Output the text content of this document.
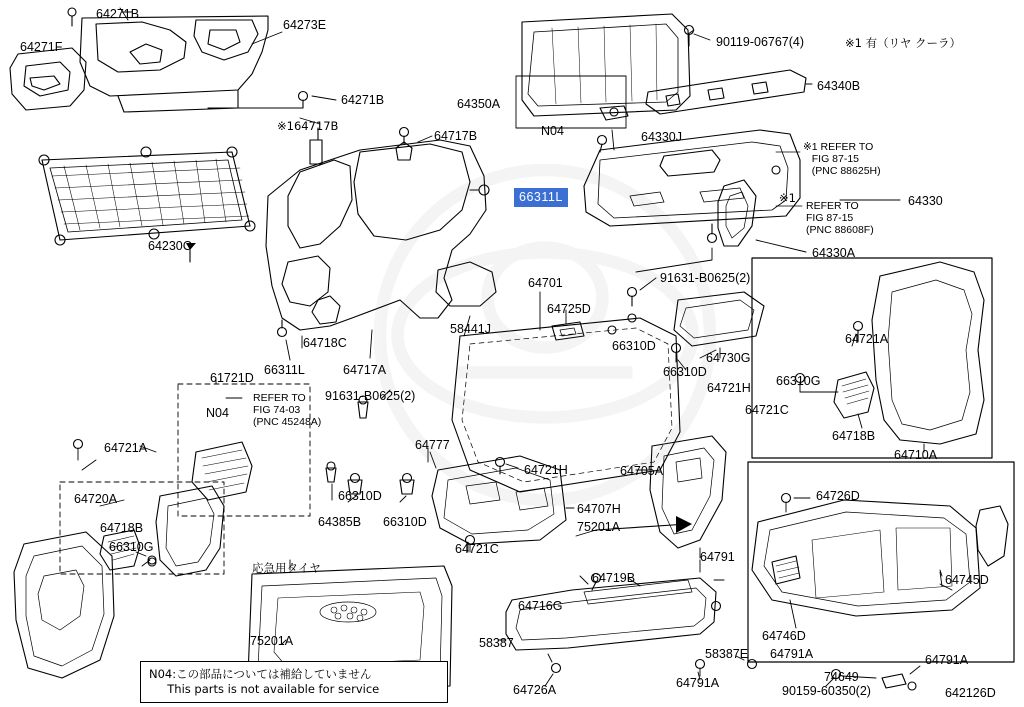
66311L
※1 REFER TO
FIG 87-15
(PNC 88625H)
REFER TO
FIG 87-15
(PNC 88608F)
REFER TO
FIG 74-03
(PNC 45248A)
N04:この部品については補給していません
This parts is not available for service
64271B
64273E
64271F	90119-06767(4)	※1 有（リヤ クーラ）
64340B
64271B	64350A
N04	64330J
※164717B
64717B
※1	64330
64230C	64330A
64701	91631-B0625(2)
64725D
66310D
64730G
64721A
64718C
58441J
64717A
66311L	66310D
66310G
64721H
61721D
91631-B0625(2)
64721C
N04
64718B
64777
64721A	64710A
64721H	64705A
66310D
64720A	64726D
64707H
64385B 66310D
64718B	75201A
66310G	64721C
64791
応急用タイヤ
64719B	64745D
64716G
58387	64746D
75201A
58387E 64791A	64791A
74649
64726A	64791A
90159-60350(2)	642126D
